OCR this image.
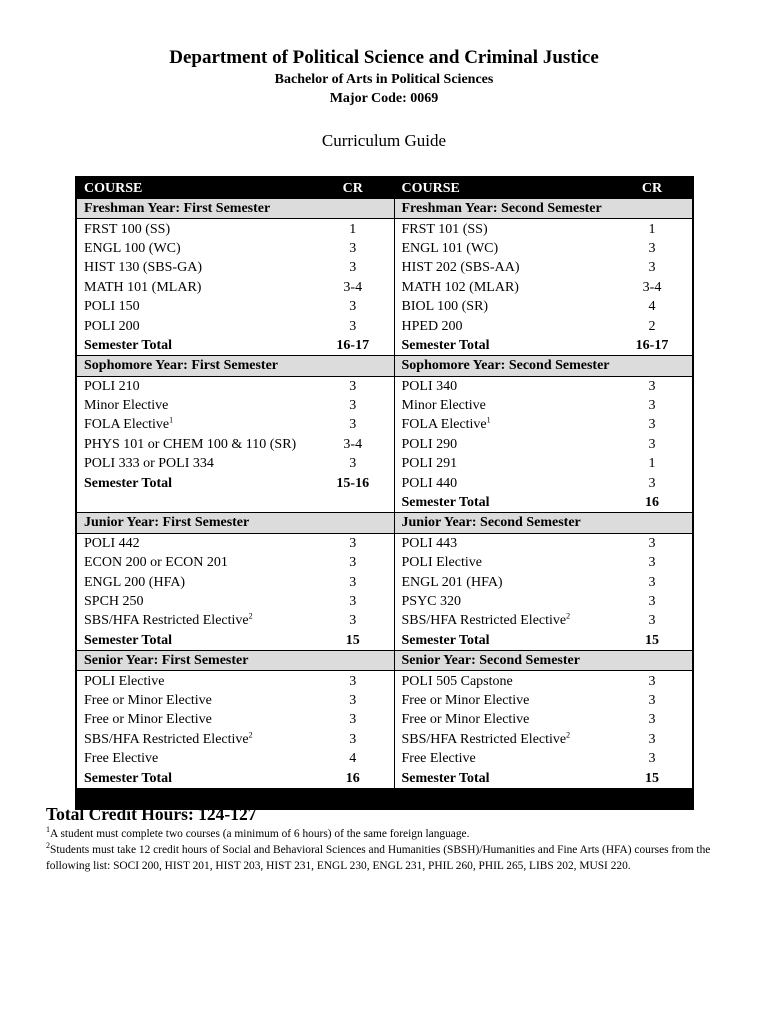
Department of Political Science and Criminal Justice
Bachelor of Arts in Political Sciences
Major Code: 0069
Curriculum Guide
COURSE	CR	COURSE	CR
Freshman Year: First Semester		Freshman Year: Second Semester	
FRST 100 (SS)	1	FRST 101 (SS)	1
ENGL 100 (WC)	3	ENGL 101 (WC)	3
HIST 130 (SBS-GA)	3	HIST 202 (SBS-AA)	3
MATH 101 (MLAR)	3-4	MATH 102 (MLAR)	3-4
POLI 150	3	BIOL 100 (SR)	4
POLI 200	3	HPED 200	2
Semester Total	16-17	Semester Total	16-17
Sophomore Year: First Semester		Sophomore Year: Second Semester	
POLI 210	3	POLI 340	3
Minor Elective	3	Minor Elective	3
FOLA Elective$^1$	3	FOLA Elective$^1$	3
PHYS 101 or CHEM 100 & 110 (SR)	3-4	POLI 290	3
POLI 333 or POLI 334	3	POLI 291	1
Semester Total	15-16	POLI 440	3
		Semester Total	16
Junior Year: First Semester		Junior Year: Second Semester	
POLI 442	3	POLI 443	3
ECON 200 or ECON 201	3	POLI Elective	3
ENGL 200 (HFA)	3	ENGL 201 (HFA)	3
SPCH 250	3	PSYC 320	3
SBS/HFA Restricted Elective$^2$	3	SBS/HFA Restricted Elective$^2$	3
Semester Total	15	Semester Total	15
Senior Year: First Semester		Senior Year: Second Semester	
POLI Elective	3	POLI 505 Capstone	3
Free or Minor Elective	3	Free or Minor Elective	3
Free or Minor Elective	3	Free or Minor Elective	3
SBS/HFA Restricted Elective$^2$	3	SBS/HFA Restricted Elective$^2$	3
Free Elective	4	Free Elective	3
Semester Total	16	Semester Total	15

Total Credit Hours: 124-127
$^1$A student must complete two courses (a minimum of 6 hours) of the same foreign language.
$^2$Students must take 12 credit hours of Social and Behavioral Sciences and Humanities (SBSH)/Humanities and Fine Arts (HFA) courses from the following list: SOCI 200, HIST 201, HIST 203, HIST 231, ENGL 230, ENGL 231, PHIL 260, PHIL 265, LIBS 202, MUSI 220.
